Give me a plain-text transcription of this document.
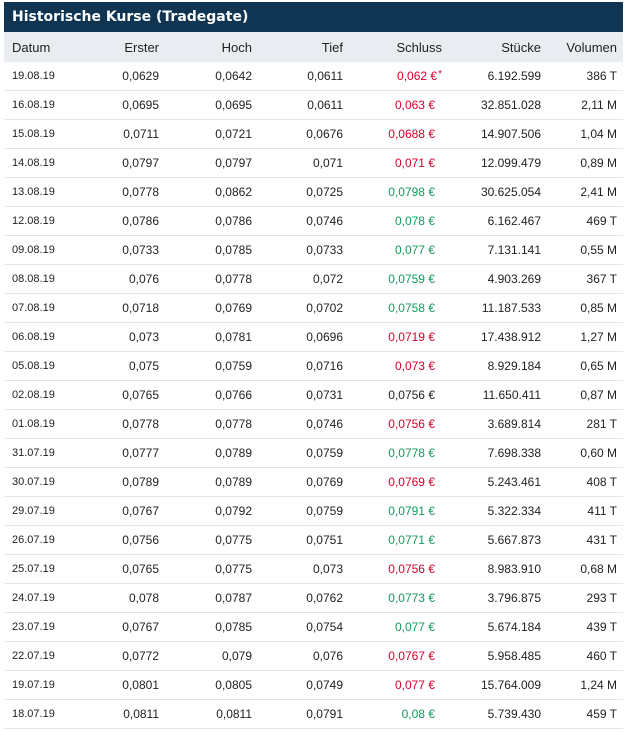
Historische Kurse (Tradegate)
Datum	Erster	Hoch	Tief	Schluss	Stücke	Volumen
19.08.19	0,0629	0,0642	0,0611	0,062 €*	6.192.599	386 T
16.08.19	0,0695	0,0695	0,0611	0,063 €	32.851.028	2,11 M
15.08.19	0,0711	0,0721	0,0676	0,0688 €	14.907.506	1,04 M
14.08.19	0,0797	0,0797	0,071	0,071 €	12.099.479	0,89 M
13.08.19	0,0778	0,0862	0,0725	0,0798 €	30.625.054	2,41 M
12.08.19	0,0786	0,0786	0,0746	0,078 €	6.162.467	469 T
09.08.19	0,0733	0,0785	0,0733	0,077 €	7.131.141	0,55 M
08.08.19	0,076	0,0778	0,072	0,0759 €	4.903.269	367 T
07.08.19	0,0718	0,0769	0,0702	0,0758 €	11.187.533	0,85 M
06.08.19	0,073	0,0781	0,0696	0,0719 €	17.438.912	1,27 M
05.08.19	0,075	0,0759	0,0716	0,073 €	8.929.184	0,65 M
02.08.19	0,0765	0,0766	0,0731	0,0756 €	11.650.411	0,87 M
01.08.19	0,0778	0,0778	0,0746	0,0756 €	3.689.814	281 T
31.07.19	0,0777	0,0789	0,0759	0,0778 €	7.698.338	0,60 M
30.07.19	0,0789	0,0789	0,0769	0,0769 €	5.243.461	408 T
29.07.19	0,0767	0,0792	0,0759	0,0791 €	5.322.334	411 T
26.07.19	0,0756	0,0775	0,0751	0,0771 €	5.667.873	431 T
25.07.19	0,0765	0,0775	0,073	0,0756 €	8.983.910	0,68 M
24.07.19	0,078	0,0787	0,0762	0,0773 €	3.796.875	293 T
23.07.19	0,0767	0,0785	0,0754	0,077 €	5.674.184	439 T
22.07.19	0,0772	0,079	0,076	0,0767 €	5.958.485	460 T
19.07.19	0,0801	0,0805	0,0749	0,077 €	15.764.009	1,24 M
18.07.19	0,0811	0,0811	0,0791	0,08 €	5.739.430	459 T
